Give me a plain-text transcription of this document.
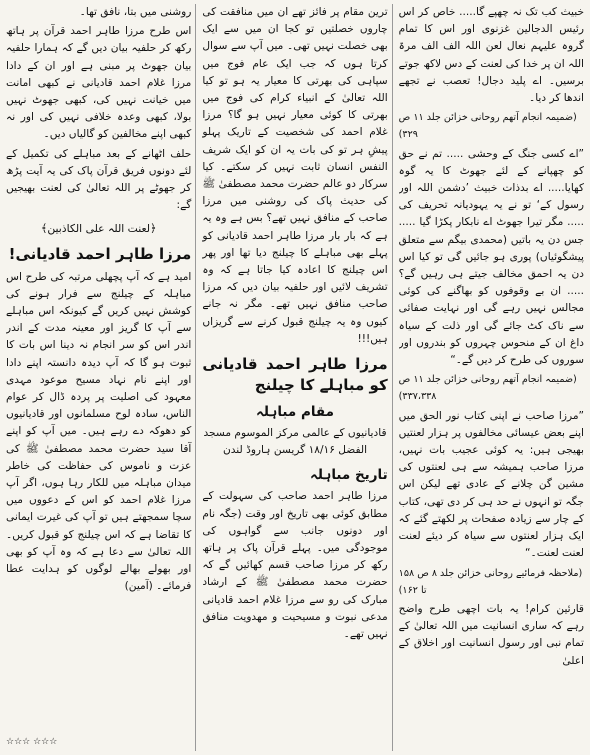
خبیث کب تک نہ چھپے گا..... خاص کر اس رئیس الدجالین غزنوی اور اس کا تمام گروہ علیہم نعال لعن اللہ الف الف مرۃ اللہ ان پر خدا کی لعنت کے دس لاکھ جوتے برسیں۔ اے پلید دجال! تعصب نے تجھے اندھا کر دیا۔

(ضمیمہ انجام آتھم روحانی خزائن جلد ۱۱ ص ۳۲۹)

”اے کسی جنگ کے وحشی ..... تم نے حق کو چھپانے کے لئے جھوٹ کا یہ گوہ کھایا..... اے بدذات خبیث ’دشمن اللہ اور رسول کے‘ تو نے یہ یہودیانہ تحریف کی ..... مگر تیرا جھوٹ اے نابکار پکڑا گیا ..... جس دن یہ باتیں (محمدی بیگم سے متعلق پیشگوئیاں) پوری ہو جائیں گی تو کیا اس دن یہ احمق مخالف جیتے ہی رہیں گے؟ ..... ان بے وقوفوں کو بھاگنے کی کوئی مجالس نہیں رہے گی اور نہایت صفائی سے ناک کٹ جائے گی اور ذلت کے سیاہ داغ ان کے منحوس چہروں کو بندروں اور سوروں کی طرح کر دیں گے۔“

(ضمیمہ انجام آتھم روحانی خزائن جلد ۱۱ ص ۳۳۷،۳۳۸)

”مرزا صاحب نے اپنی کتاب نور الحق میں اپنے بعض عیسائی مخالفوں پر ہزار لعنتیں بھیجی ہیں: یہ کوئی عجیب بات نہیں، مرزا صاحب ہمیشہ سے ہی لعنتوں کی مشین گن چلانے کے عادی تھے لیکن اس جگہ تو انہوں نے حد ہی کر دی تھی، کتاب کے چار سے زیادہ صفحات پر لکھتے گئے کہ ایک ہزار لعنتوں سے سیاہ کر دیئے لعنت لعنت لعنت۔“

(ملاحظہ فرمائیے روحانی خزائن جلد ۸ ص ۱۵۸ تا ۱۶۲)

قارئین کرام! یہ بات اچھی طرح واضح رہے کہ ساری انسانیت میں اللہ تعالیٰ کے تمام نبی اور رسول انسانیت اور اخلاق کے اعلیٰ

ترین مقام پر فائز تھے ان میں منافقت کی چاروں خصلتیں تو کجا ان میں سے ایک بھی خصلت نہیں تھی۔ میں آپ سے سوال کرتا ہوں کہ جب ایک عام فوج میں سپاہی کی بھرتی کا معیار یہ ہو تو کیا اللہ تعالیٰ کے انبیاء کرام کی فوج میں بھرتی کا کوئی معیار نہیں ہو گا؟ مرزا غلام احمد کی شخصیت کے تاریک پہلو پیشِ ہر تو کی بات یہ ان کو ایک شریف النفس انسان ثابت نہیں کر سکتے۔ کیا سرکار دو عالم حضرت محمد مصطفیٰ ﷺ کی حدیث پاک کی روشنی میں مرزا صاحب کے منافق نہیں تھے؟ بس ہے وہ یہ ہے کہ بار بار مرزا طاہر احمد قادیانی کو پہلے بھی مباہلے کا چیلنج دیا تھا اور پھر اس چیلنج کا اعادہ کیا جاتا ہے کہ وہ تشریف لائیں اور حلفیہ بیان دیں کہ مرزا صاحب منافق نہیں تھے۔ مگر نہ جانے کیوں وہ یہ چیلنج قبول کرنے سے گریزاں ہیں!!!

مرزا طاہر احمد قادیانی کو مباہلے کا چیلنج
مقام مباہلہ

قادیانیوں کے عالمی مرکز الموسوم مسجد الفضل ۱۸/۱۶ گریسن ہاروڈ لندن

تاریخ مباہلہ

مرزا طاہر احمد صاحب کی سہولت کے مطابق کوئی بھی تاریخ اور وقت (جگہ نام اور دونوں جانب سے گواہوں کی موجودگی میں۔ پہلے قرآن پاک پر ہاتھ رکھ کر مرزا صاحب قسم کھائیں گے کہ حضرت محمد مصطفیٰ ﷺ کے ارشاد مبارک کی رو سے مرزا غلام احمد قادیانی مدعی نبوت و مسیحیت و مهدویت منافق نہیں تھے۔

روشنی میں بتا، نافق تھا۔

اس طرح مرزا طاہر احمد قرآن پر ہاتھ رکھ کر حلفیہ بیان دیں گے کہ ہمارا حلفیہ بیان جھوٹ پر مبنی ہے اور ان کے دادا مرزا غلام احمد قادیانی نے کبھی امانت میں خیانت نہیں کی، کبھی جھوٹ نہیں بولا، کبھی وعدہ خلافی نہیں کی اور نہ کبھی اپنے مخالفین کو گالیاں دیں۔

حلف اٹھانے کے بعد مباہلے کی تکمیل کے لئے دونوں فریق قرآن پاک کی یہ آیت پڑھ کر جھوٹے پر اللہ تعالیٰ کی لعنت بھیجیں گے:

﴿لعنت اللہ علی الکاذبین﴾
مرزا طاہر احمد قادیانی!

امید ہے کہ آپ پچھلی مرتبہ کی طرح اس مباہلہ کے چیلنج سے فرار ہونے کی کوشش نہیں کریں گے کیونکہ اس مباہلے سے آپ کا گریز اور معینہ مدت کے اندر اندر اس کو سر انجام نہ دینا اس بات کا ثبوت ہو گا کہ آپ دیدہ دانستہ اپنے دادا اور اپنے نام نہاد مسیح موعود مہدی معہود کی اصلیت پر پردہ ڈال کر عوام الناس، سادہ لوح مسلمانوں اور قادیانیوں کو دھوکہ دے رہے ہیں۔ میں آپ کو اپنے آقا سید حضرت محمد مصطفیٰ ﷺ کی عزت و ناموس کی حفاظت کی خاطر میدان مباہلہ میں للکار رہا ہوں، اگر آپ مرزا غلام احمد کو اس کے دعووں میں سچا سمجھتے ہیں تو آپ کی غیرت ایمانی کا تقاضا ہے کہ اس چیلنج کو قبول کریں۔ اللہ تعالیٰ سے دعا ہے کہ وہ آپ کو بھی اور بھولے بھالے لوگوں کو ہدایت عطا فرمائے۔ (آمین)

☆☆☆ ☆☆☆
